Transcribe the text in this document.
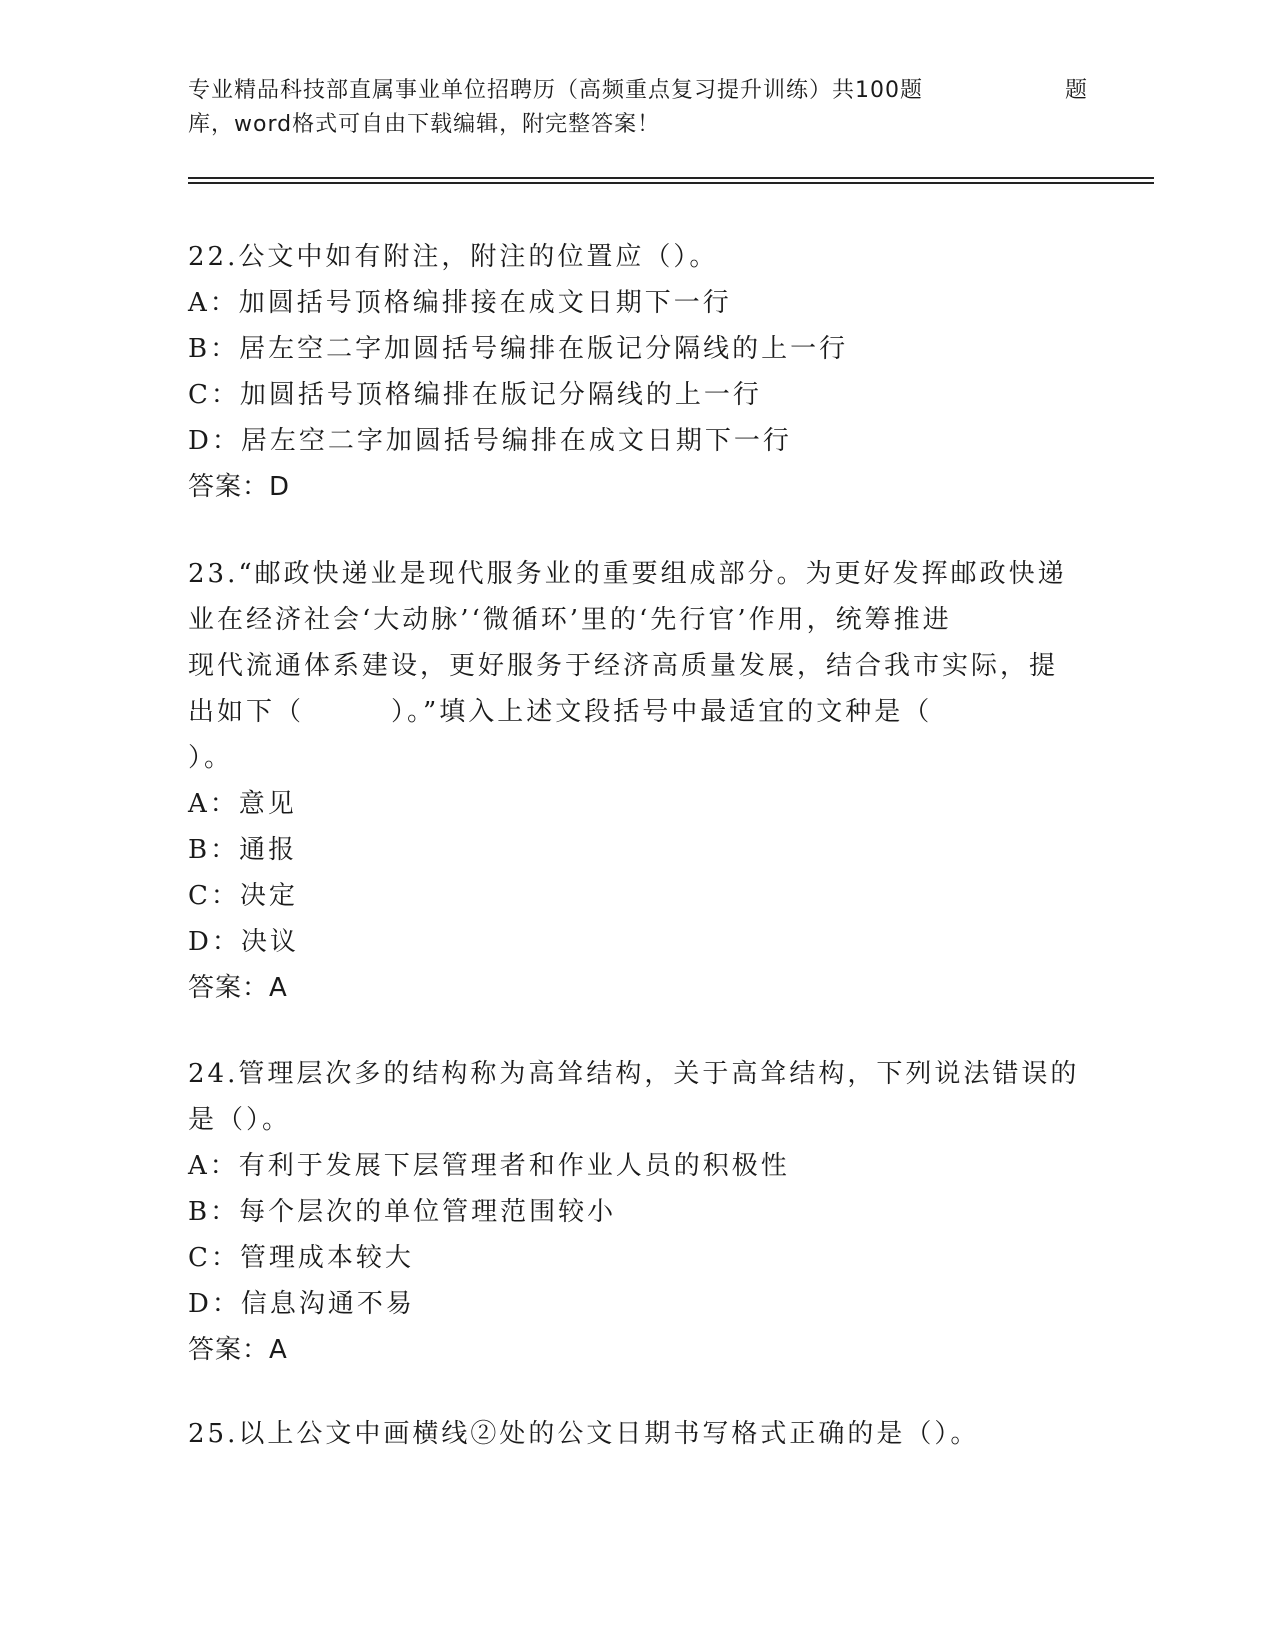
专业精品科技部直属事业单位招聘历（高频重点复习提升训练）共100题	题
库，word格式可自由下载编辑，附完整答案！
22.公文中如有附注，附注的位置应（）。
A：加圆括号顶格编排接在成文日期下一行
B：居左空二字加圆括号编排在版记分隔线的上一行
C：加圆括号顶格编排在版记分隔线的上一行
D：居左空二字加圆括号编排在成文日期下一行
答案：D
23.“邮政快递业是现代服务业的重要组成部分。为更好发挥邮政快递
业在经济社会‘大动脉’‘微循环’里的‘先行官’作用，统筹推进
现代流通体系建设，更好服务于经济高质量发展，结合我市实际，提
出如下（　　　）。”填入上述文段括号中最适宜的文种是（
）。
A：意见
B：通报
C：决定
D：决议
答案：A
24.管理层次多的结构称为高耸结构，关于高耸结构，下列说法错误的
是（）。
A：有利于发展下层管理者和作业人员的积极性
B：每个层次的单位管理范围较小
C：管理成本较大
D：信息沟通不易
答案：A
25.以上公文中画横线②处的公文日期书写格式正确的是（）。
